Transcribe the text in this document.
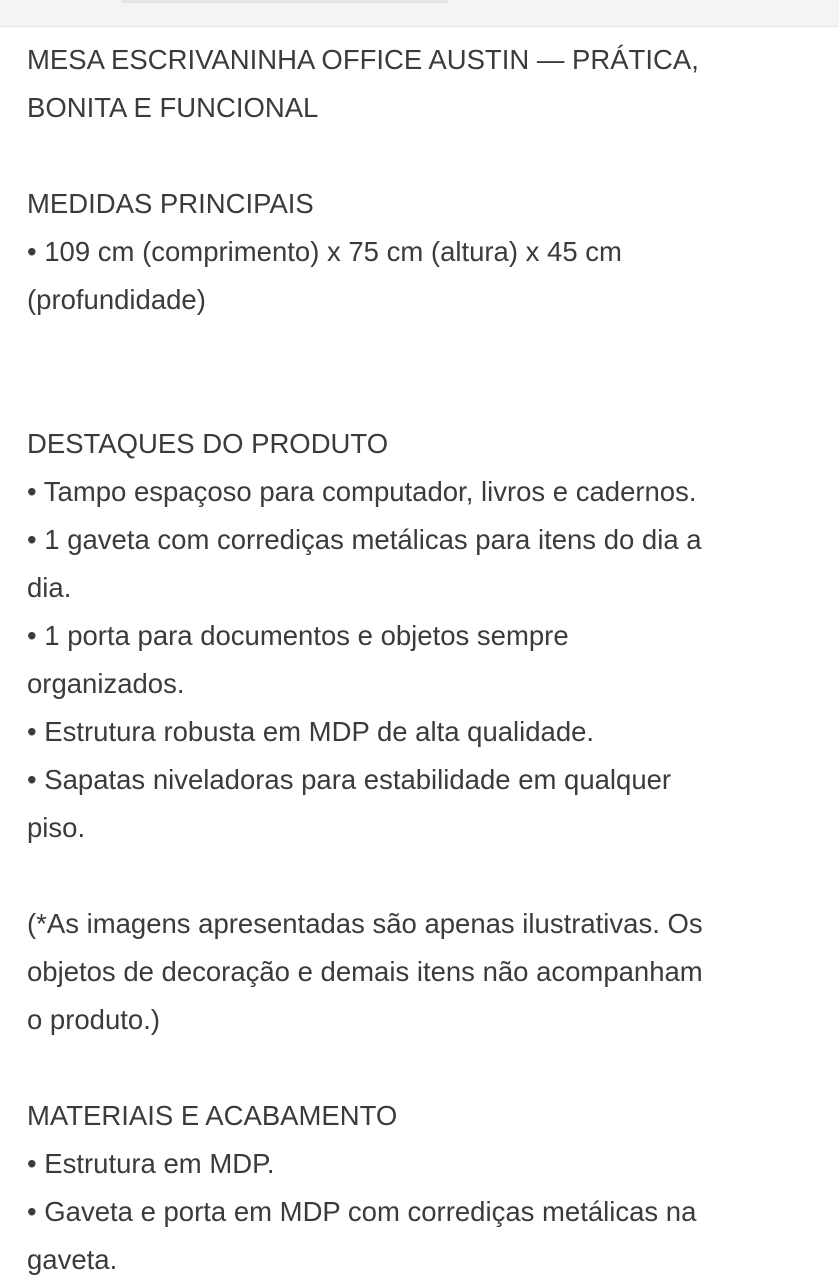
MESA ESCRIVANINHA OFFICE AUSTIN — PRÁTICA,
BONITA E FUNCIONAL
MEDIDAS PRINCIPAIS
• 109 cm (comprimento) x 75 cm (altura) x 45 cm
(profundidade)
DESTAQUES DO PRODUTO
• Tampo espaçoso para computador, livros e cadernos.
• 1 gaveta com corrediças metálicas para itens do dia a
dia.
• 1 porta para documentos e objetos sempre
organizados.
• Estrutura robusta em MDP de alta qualidade.
• Sapatas niveladoras para estabilidade em qualquer
piso.
(*As imagens apresentadas são apenas ilustrativas. Os
objetos de decoração e demais itens não acompanham
o produto.)
MATERIAIS E ACABAMENTO
• Estrutura em MDP.
• Gaveta e porta em MDP com corrediças metálicas na
gaveta.
